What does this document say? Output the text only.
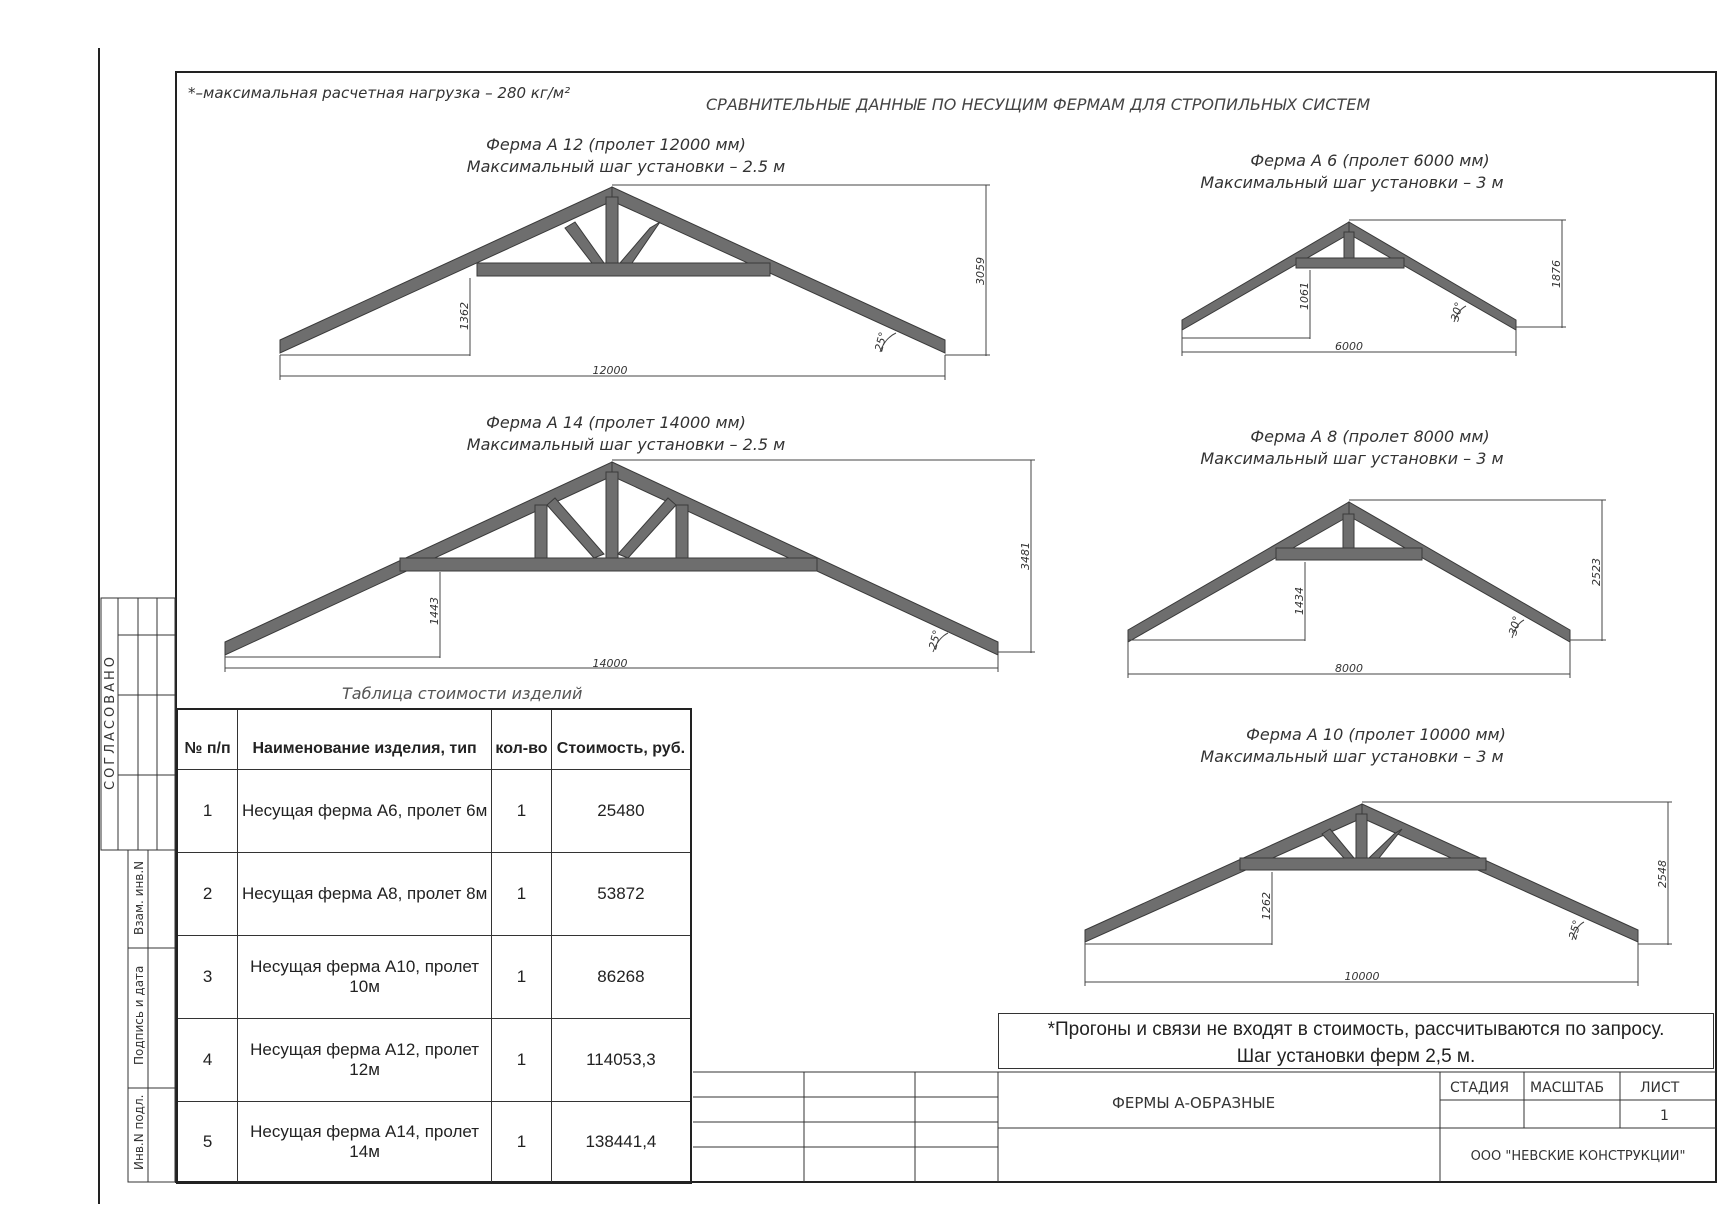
СОГЛАСОВАНО
Взам. инв.N
Подпись и дата
Инв.N подл.
*–максимальная расчетная нагрузка – 280 кг/м²
СРАВНИТЕЛЬНЫЕ ДАННЫЕ ПО НЕСУЩИМ ФЕРМАМ ДЛЯ СТРОПИЛЬНЫХ СИСТЕМ
Ферма А 12 (пролет 12000 мм)
Максимальный шаг установки – 2.5 м
12000
3059
1362
25°
Ферма А 14 (пролет 14000 мм)
Максимальный шаг установки – 2.5 м
14000
3481
1443
25°
Ферма А 6 (пролет 6000 мм)
Максимальный шаг установки – 3 м
6000
1876
1061
30°
Ферма А 8 (пролет 8000 мм)
Максимальный шаг установки – 3 м
8000
2523
1434
30°
Ферма А 10 (пролет 10000 мм)
Максимальный шаг установки – 3 м
10000
2548
1262
25°
Таблица стоимости изделий
ФЕРМЫ А-ОБРАЗНЫЕ
СТАДИЯ МАСШТАБ	ЛИСТ
1
ООО "НЕВСКИЕ КОНСТРУКЦИИ"
№ п/п	Наименование изделия, тип	кол-во	Стоимость, руб.
1	Несущая ферма А6, пролет 6м	1	25480
2	Несущая ферма А8, пролет 8м	1	53872
3	Несущая ферма А10, пролет 10м	1	86268
4	Несущая ферма А12, пролет 12м	1	114053,3
5	Несущая ферма А14, пролет 14м	1	138441,4
*Прогоны и связи не входят в стоимость, рассчитываются по запросу.
Шаг установки ферм 2,5 м.
